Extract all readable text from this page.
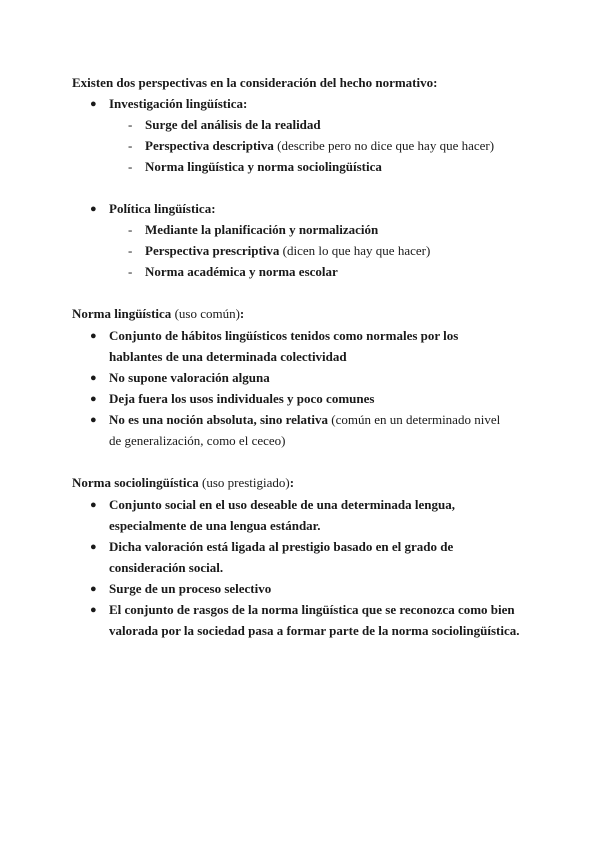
Existen dos perspectivas en la consideración del hecho normativo:
● Investigación lingüística:
- Surge del análisis de la realidad
- Perspectiva descriptiva (describe pero no dice que hay que hacer)
- Norma lingüística y norma sociolingüística
● Política lingüística:
- Mediante la planificación y normalización
- Perspectiva prescriptiva (dicen lo que hay que hacer)
- Norma académica y norma escolar
Norma lingüística (uso común):
● Conjunto de hábitos lingüísticos tenidos como normales por los
hablantes de una determinada colectividad
● No supone valoración alguna
● Deja fuera los usos individuales y poco comunes
● No es una noción absoluta, sino relativa (común en un determinado nivel
de generalización, como el ceceo)
Norma sociolingüística (uso prestigiado):
● Conjunto social en el uso deseable de una determinada lengua,
especialmente de una lengua estándar.
● Dicha valoración está ligada al prestigio basado en el grado de
consideración social.
● Surge de un proceso selectivo
● El conjunto de rasgos de la norma lingüística que se reconozca como bien
valorada por la sociedad pasa a formar parte de la norma sociolingüística.
